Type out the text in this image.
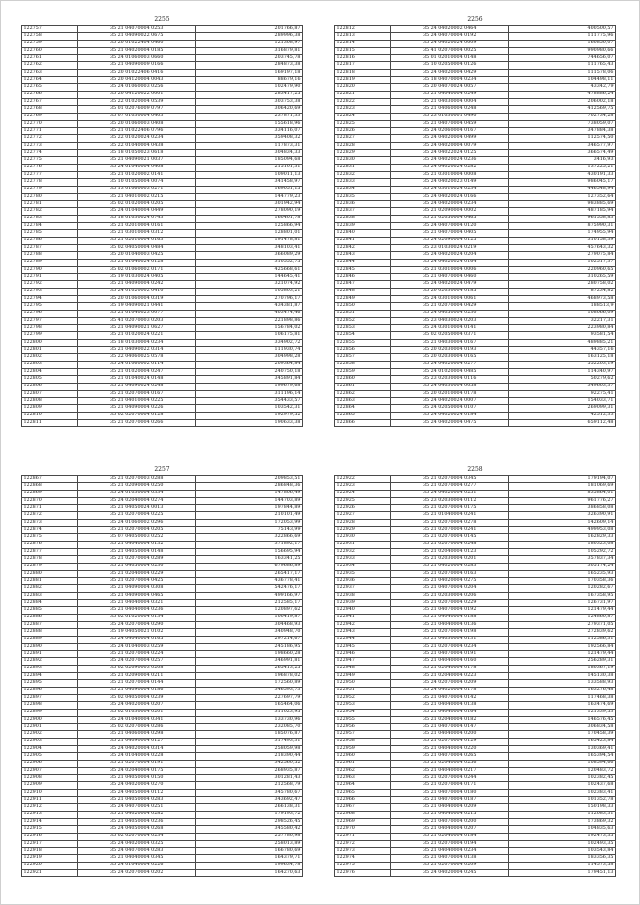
2255
122757	35 21 04070004 0253	201766,87
122758	35 21 04090022 0675	289996,38
122759	35 20 01022404 0460	121308,97
122760	35 21 04020004 0185	316879,81
122761	35 24 01060003 0660	203745,78
122762	35 21 04090009 0166	284873,38
122763	35 20 01022406 0416	169197,18
122764	35 20 04120004 0043	88679,16
122765	35 24 01060003 0256	102479,90
122766	35 20 04120022 0001	283417,25
122767	35 22 01020004 0539	303753,38
122768	35 01 02076009 0797	306420,69
122769	35 07 01030004 0403	237871,33
122770	35 20 01060003 0408	155618,96
122771	35 21 01022406 0796	334116,07
122772	35 22 01020024 0234	359408,32
122773	35 22 01040004 0438	117873,31
122774	35 18 01050023 0618	304834,33
122775	35 21 04090021 0037	185094,68
122776	35 24 01040004 0408	215101,31
122777	35 21 01020002 0141	109011,13
122778	35 10 01050004 0074	341458,97
122779	35 13 01060003 0271	169051,15
122780	35 21 04010002 0215	144779,23
122781	35 02 01020004 0205	301942,94
122782	35 24 01040004 0449	278090,19
122783	35 18 01030024 0743	160401,78
122784	35 21 02010004 0161	125866,94
122785	35 21 03010004 0312	128801,01
122786	35 21 02010004 0163	191478,81
122787	35 02 04050004 0484	348103,41
122788	35 20 01040003 0425	366089,29
122789	35 21 01040024 0128	310552,75
122790	35 02 01060002 0171	425668,61
122791	35 19 01030024 0405	144645,41
122792	35 21 04090004 0242	321074,92
122793	35 24 01020002 0410	105803,21
122794	35 20 01060004 0319	270796,17
122795	35 19 04090021 0441	434381,87
122796	35 21 01040023 0077	403474,46
122797	35 41 02070003 0203	221898,86
122798	35 21 04090021 0627	156784,02
122799	35 21 01020024 0221	106175,81
122800	35 18 01030004 0234	334902,72
122801	35 21 04090022 0314	111930,74
122802	35 22 04060025 0578	304998,28
122803	35 24 01060002 0114	209364,84
122804	35 21 01020004 0247	240750,18
122805	35 21 01040024 0148	345891,84
122806	35 21 04090024 0248	199679,68
122807	35 21 02070004 0167	311196,14
122808	35 21 04010004 0225	354433,57
122809	35 21 04090004 0226	103542,31
122810	35 02 02070004 0128	192979,52
122811	35 21 02070004 0266	190633,38
2256
122812	35 24 04020002 0464	400500,57
122813	35 24 04070004 0192	111775,96
122814	35 24 04020024 0009	160850,07
122815	35 41 02070004 0025	990980,66
122816	35 01 02010004 0148	744656,07
122817	35 10 02050004 0126	111765,43
122818	35 24 04020004 0429	111578,06
122819	35 18 04070004 0234	104498,11
122820	35 20 04070024 0057	43342,79
122821	35 21 04040004 0249	478886,24
122822	35 21 04030004 0004	206002,18
122823	35 21 04060004 0248	412569,75
122824	35 23 01030001 0490	702734,28
122825	35 21 04070004 0459	738059,07
122826	35 24 02060004 0167	347884,38
122827	35 24 04020004 0499	112574,50
122828	35 24 04020004 0079	346577,97
122829	35 24 04022024 0125	366574,49
122830	35 24 04020024 0236	3416,93
122831	35 24 04020024 0282	137225,21
122832	35 21 03010004 0008	430191,33
122833	35 24 04020023 0149	986045,17
122834	35 24 03010024 0234	446548,94
122835	35 24 04020024 0166	127352,64
122836	35 24 04020004 0234	983885,69
122837	35 21 02090004 0002	487185,94
122838	35 21 02050004 0465	961558,83
122839	35 24 04070004 0120	875990,31
122840	35 21 04070004 0405	174955,94
122841	35 24 02090004 0125	310158,39
122842	35 23 01030024 0219	457643,32
122843	35 24 04020024 0204	279075,84
122844	35 24 04020024 0164	102517,37
122845	35 21 03010004 0006	220960,65
122846	35 21 04070004 0460	310265,59
122847	35 24 04020024 0479	280758,02
122848	35 20 02030004 0185	87234,82
122849	35 24 03010004 0061	468973,58
122850	35 21 02070004 0429	188513,9
122851	35 24 04050004 0230	108066,09
122852	35 23 04030024 0203	32217,31
122853	35 24 03010004 0141	223980,84
122854	35 02 02050004 0371	93581,54
122855	35 21 04030004 0167	489885,21
122856	35 20 02030004 0193	44357,16
122857	35 20 02030004 0165	163125,18
122858	35 24 04020004 0277	552203,19
122859	35 24 01020004 0485	114340,97
122860	35 23 02030004 0116	50279,62
122861	35 24 04030004 0058	349603,37
122862	35 20 02010004 0178	92275,41
122863	35 24 04020024 0007	154033,71
122864	35 24 02050004 0107	269099,31
122865	35 24 04020024 0184	42512,33
122866	35 24 04020004 0475	659112,48
2257
122867	35 21 02070003 0288	209853,51
122868	35 21 02090004 0250	286848,36
122869	35 24 01030004 0334	147806,49
122870	35 24 02040004 0274	144703,89
122871	35 21 04050024 0013	197844,89
122872	35 21 02070004 0225	210101,49
122873	35 24 01060002 0296	172053,99
122874	35 21 02070004 0205	75143,99
122875	35 07 04050003 0252	322866,69
122876	35 21 04040004 0132	371892,17
122877	35 21 04050004 0148	156695,94
122878	35 21 02070004 0289	163341,25
122879	35 21 04050004 0230	679686,89
122880	35 21 02040004 0229	265417,17
122881	35 21 02070004 0425	436778,41
122882	35 21 04090004 0308	542476,17
122883	35 21 04090004 0465	499166,97
122884	35 21 04040004 0321	212585,17
122885	35 21 04040004 0236	120897,62
122886	35 02 01020004 0134	100419,87
122887	35 24 02070004 0290	304468,93
122888	35 19 04050021 0102	340948,70
122889	35 24 04040004 0165	297214,67
122890	35 24 01040003 0259	245186,95
122891	35 21 02070004 0224	198660,28
122892	35 24 02070004 0257	346991,81
122893	35 02 02090003 0208	265413,25
122894	35 21 02090004 0211	196878,02
122895	35 21 02070004 0144	172560,89
122896	35 21 04090004 0186	346593,73
122897	35 02 04050004 0239	227697,79
122898	35 24 04020004 0207	165464,06
122899	35 02 01030004 0201	311023,95
122900	35 24 01040004 0341	133730,96
122901	35 02 02070004 0286	232085,70
122902	35 21 04060004 0298	185076,87
122903	35 21 04090004 0127	317493,31
122904	35 24 04020004 0314	258059,98
122905	35 24 01040004 0228	218390,44
122906	35 21 02070004 0191	342560,52
122907	35 24 02040004 0175	268935,87
122908	35 21 04050004 0150	301281,43
122909	35 24 04020004 0270	212568,79
122910	35 24 04050004 0112	345780,67
122911	35 21 04050004 0283	343692,47
122912	35 24 04070004 0251	266138,31
122913	35 21 04020004 0282	179193,72
122914	35 21 04050004 0236	298526,45
122915	35 24 04050004 0268	345580,42
122916	35 02 02070004 0234	257780,98
122917	35 24 04020004 0325	258013,89
122918	35 24 04070004 0283	166780,69
122919	35 21 04040004 0345	164379,71
122920	35 24 01040004 0226	199634,78
122921	35 24 02070004 0202	164270,63
2258
122922	35 21 02070004 0345	179194,07
122923	35 21 02070004 0277	181069,69
122924	35 24 04020004 0251	835864,01
122925	35 23 02030004 0112	961776,27
122926	35 21 02070004 0175	386858,08
122927	35 21 01040004 0241	326390,91
122928	35 21 02070004 0278	142609,14
122929	35 21 02070004 0241	499953,08
122930	35 21 02070004 0145	162829,33
122931	35 21 02070004 0248	180323,08
122932	35 21 02040004 0123	105292,72
122933	35 21 02030004 0201	357837,34
122934	35 21 04020004 0283	305174,24
122935	35 21 02070004 0163	165235,93
122936	35 21 04020004 0275	170358,36
122937	35 21 04070004 0204	120282,67
122938	35 21 02030004 0206	167358,95
122939	35 21 02070004 0229	126731,97
122940	35 21 04070004 0192	121479,44
122941	35 21 04040004 0188	124860,87
122942	35 21 04040004 0136	279371,05
122943	35 21 02070004 0198	272839,62
122944	35 21 04030004 0131	112586,31
122945	35 21 02070004 0234	192566,84
122946	35 21 04070004 0191	121479,44
122947	35 21 04040004 0160	256289,31
122948	35 21 02040004 0178	180367,19
122949	35 21 02040004 0223	145130,38
122950	35 24 02070004 0209	133588,93
122951	35 24 04020004 0178	163276,48
122952	35 21 04070004 0142	117468,38
122953	35 21 04040004 0138	163474,69
122954	35 21 04040004 0164	121339,53
122955	35 21 02040004 0182	146576,45
122956	35 21 04070004 0147	306834,58
122957	35 21 04040004 0200	170458,39
122958	35 21 02070004 0129	165423,84
122959	35 21 04040004 0220	130369,41
122960	35 21 04070004 0265	165394,54
122961	35 21 02040004 0256	108594,66
122962	35 21 04040004 0217	120483,72
122963	35 21 02070004 0244	102382,45
122964	35 21 02070004 0171	102437,68
122965	35 21 04070004 0180	102383,41
122966	35 21 04070004 0187	101352,78
122967	35 21 04040004 0209	150198,33
122968	35 21 04040004 0215	112083,31
122969	35 21 04070004 0200	173869,32
122970	35 21 04040004 0207	104835,63
122971	35 21 02040004 0184	192473,35
122972	35 21 02070004 0194	102493,35
122973	35 21 04040004 0234	103543,84
122974	35 21 04070004 0138	183356,35
122975	35 21 02070004 0209	114573,58
122976	35 24 04020004 0245	179451,13
